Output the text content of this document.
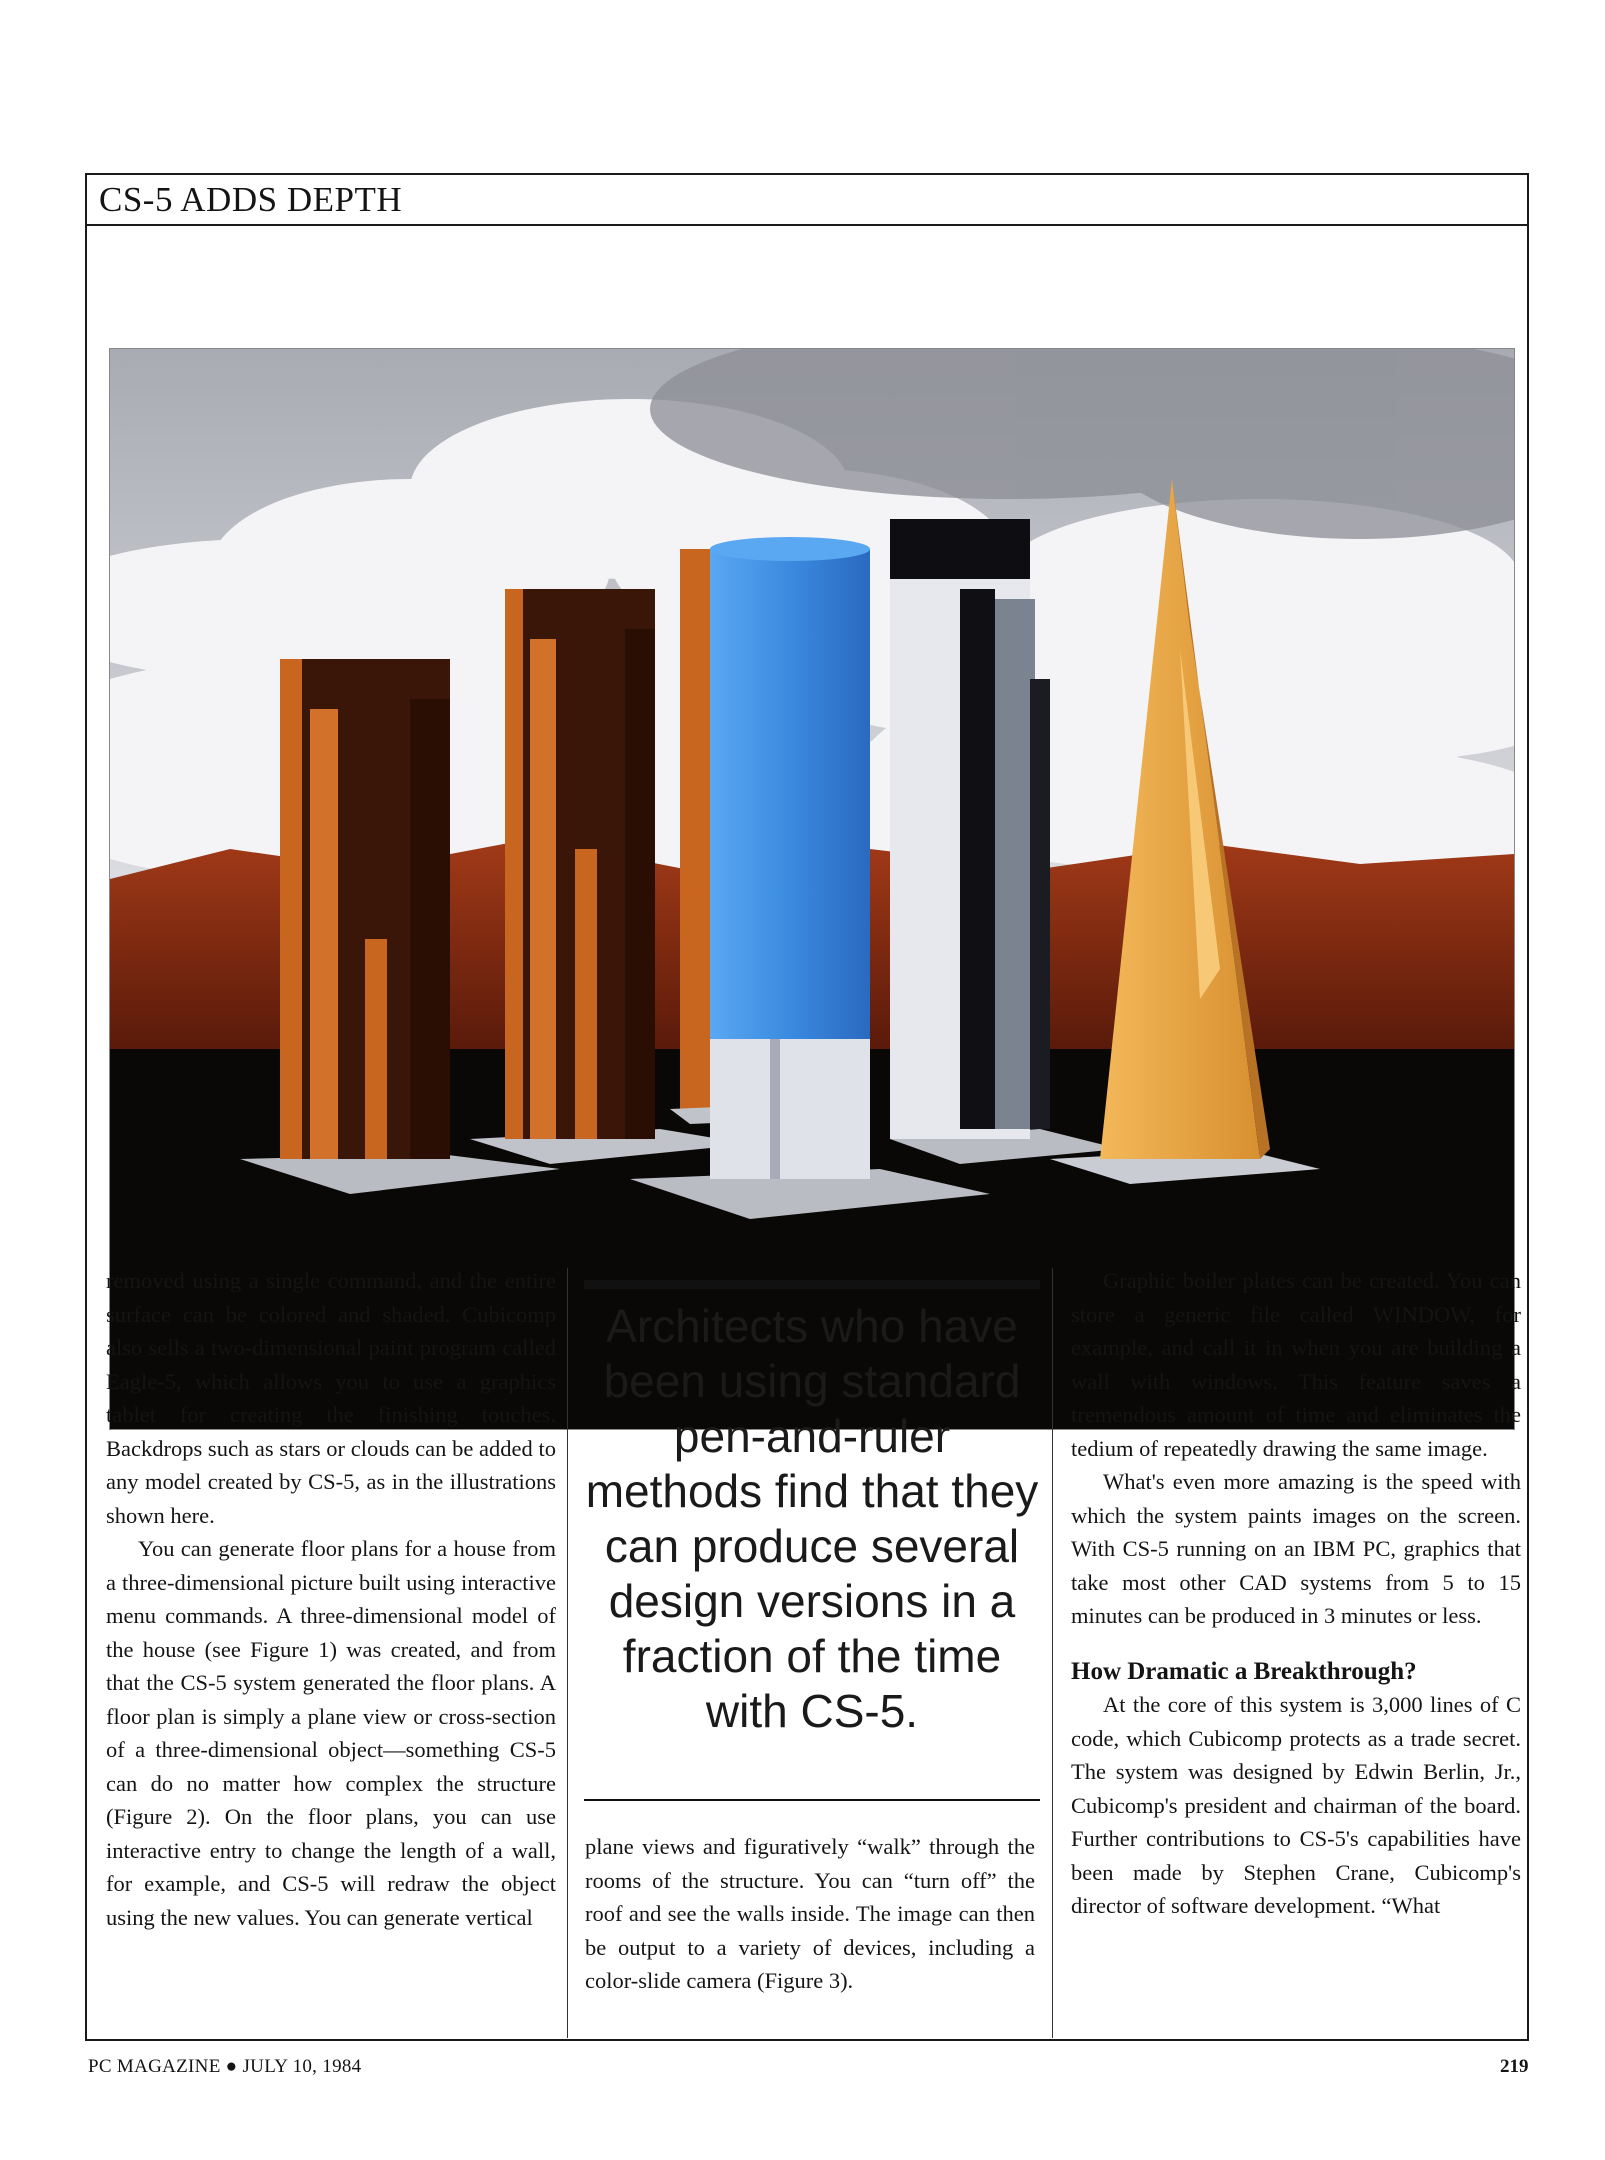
CS-5 ADDS DEPTH

removed using a single command, and the entire surface can be colored and shaded. Cubicomp also sells a two-dimensional paint program called Eagle-5, which allows you to use a graphics tablet for creating the finishing touches. Backdrops such as stars or clouds can be added to any model created by CS-5, as in the illustrations shown here.

You can generate floor plans for a house from a three-dimensional picture built using interactive menu commands. A three-dimensional model of the house (see Figure 1) was created, and from that the CS-5 system generated the floor plans. A floor plan is simply a plane view or cross-section of a three-dimensional object—something CS-5 can do no matter how complex the structure (Figure 2). On the floor plans, you can use interactive entry to change the length of a wall, for example, and CS-5 will redraw the object using the new values. You can generate vertical

Architects who have been using standard pen-and-ruler methods find that they can produce several design versions in a fraction of the time with CS-5.

plane views and figuratively “walk” through the rooms of the structure. You can “turn off” the roof and see the walls inside. The image can then be output to a variety of devices, including a color-slide camera (Figure 3).

Graphic boiler plates can be created. You can store a generic file called WINDOW, for example, and call it in when you are building a wall with windows. This feature saves a tremendous amount of time and eliminates the tedium of repeatedly drawing the same image.

What's even more amazing is the speed with which the system paints images on the screen. With CS-5 running on an IBM PC, graphics that take most other CAD systems from 5 to 15 minutes can be produced in 3 minutes or less.

How Dramatic a Breakthrough?

At the core of this system is 3,000 lines of C code, which Cubicomp protects as a trade secret. The system was designed by Edwin Berlin, Jr., Cubicomp's president and chairman of the board. Further contributions to CS-5's capabilities have been made by Stephen Crane, Cubicomp's director of software development. “What

PC MAGAZINE ● JULY 10, 1984	219
